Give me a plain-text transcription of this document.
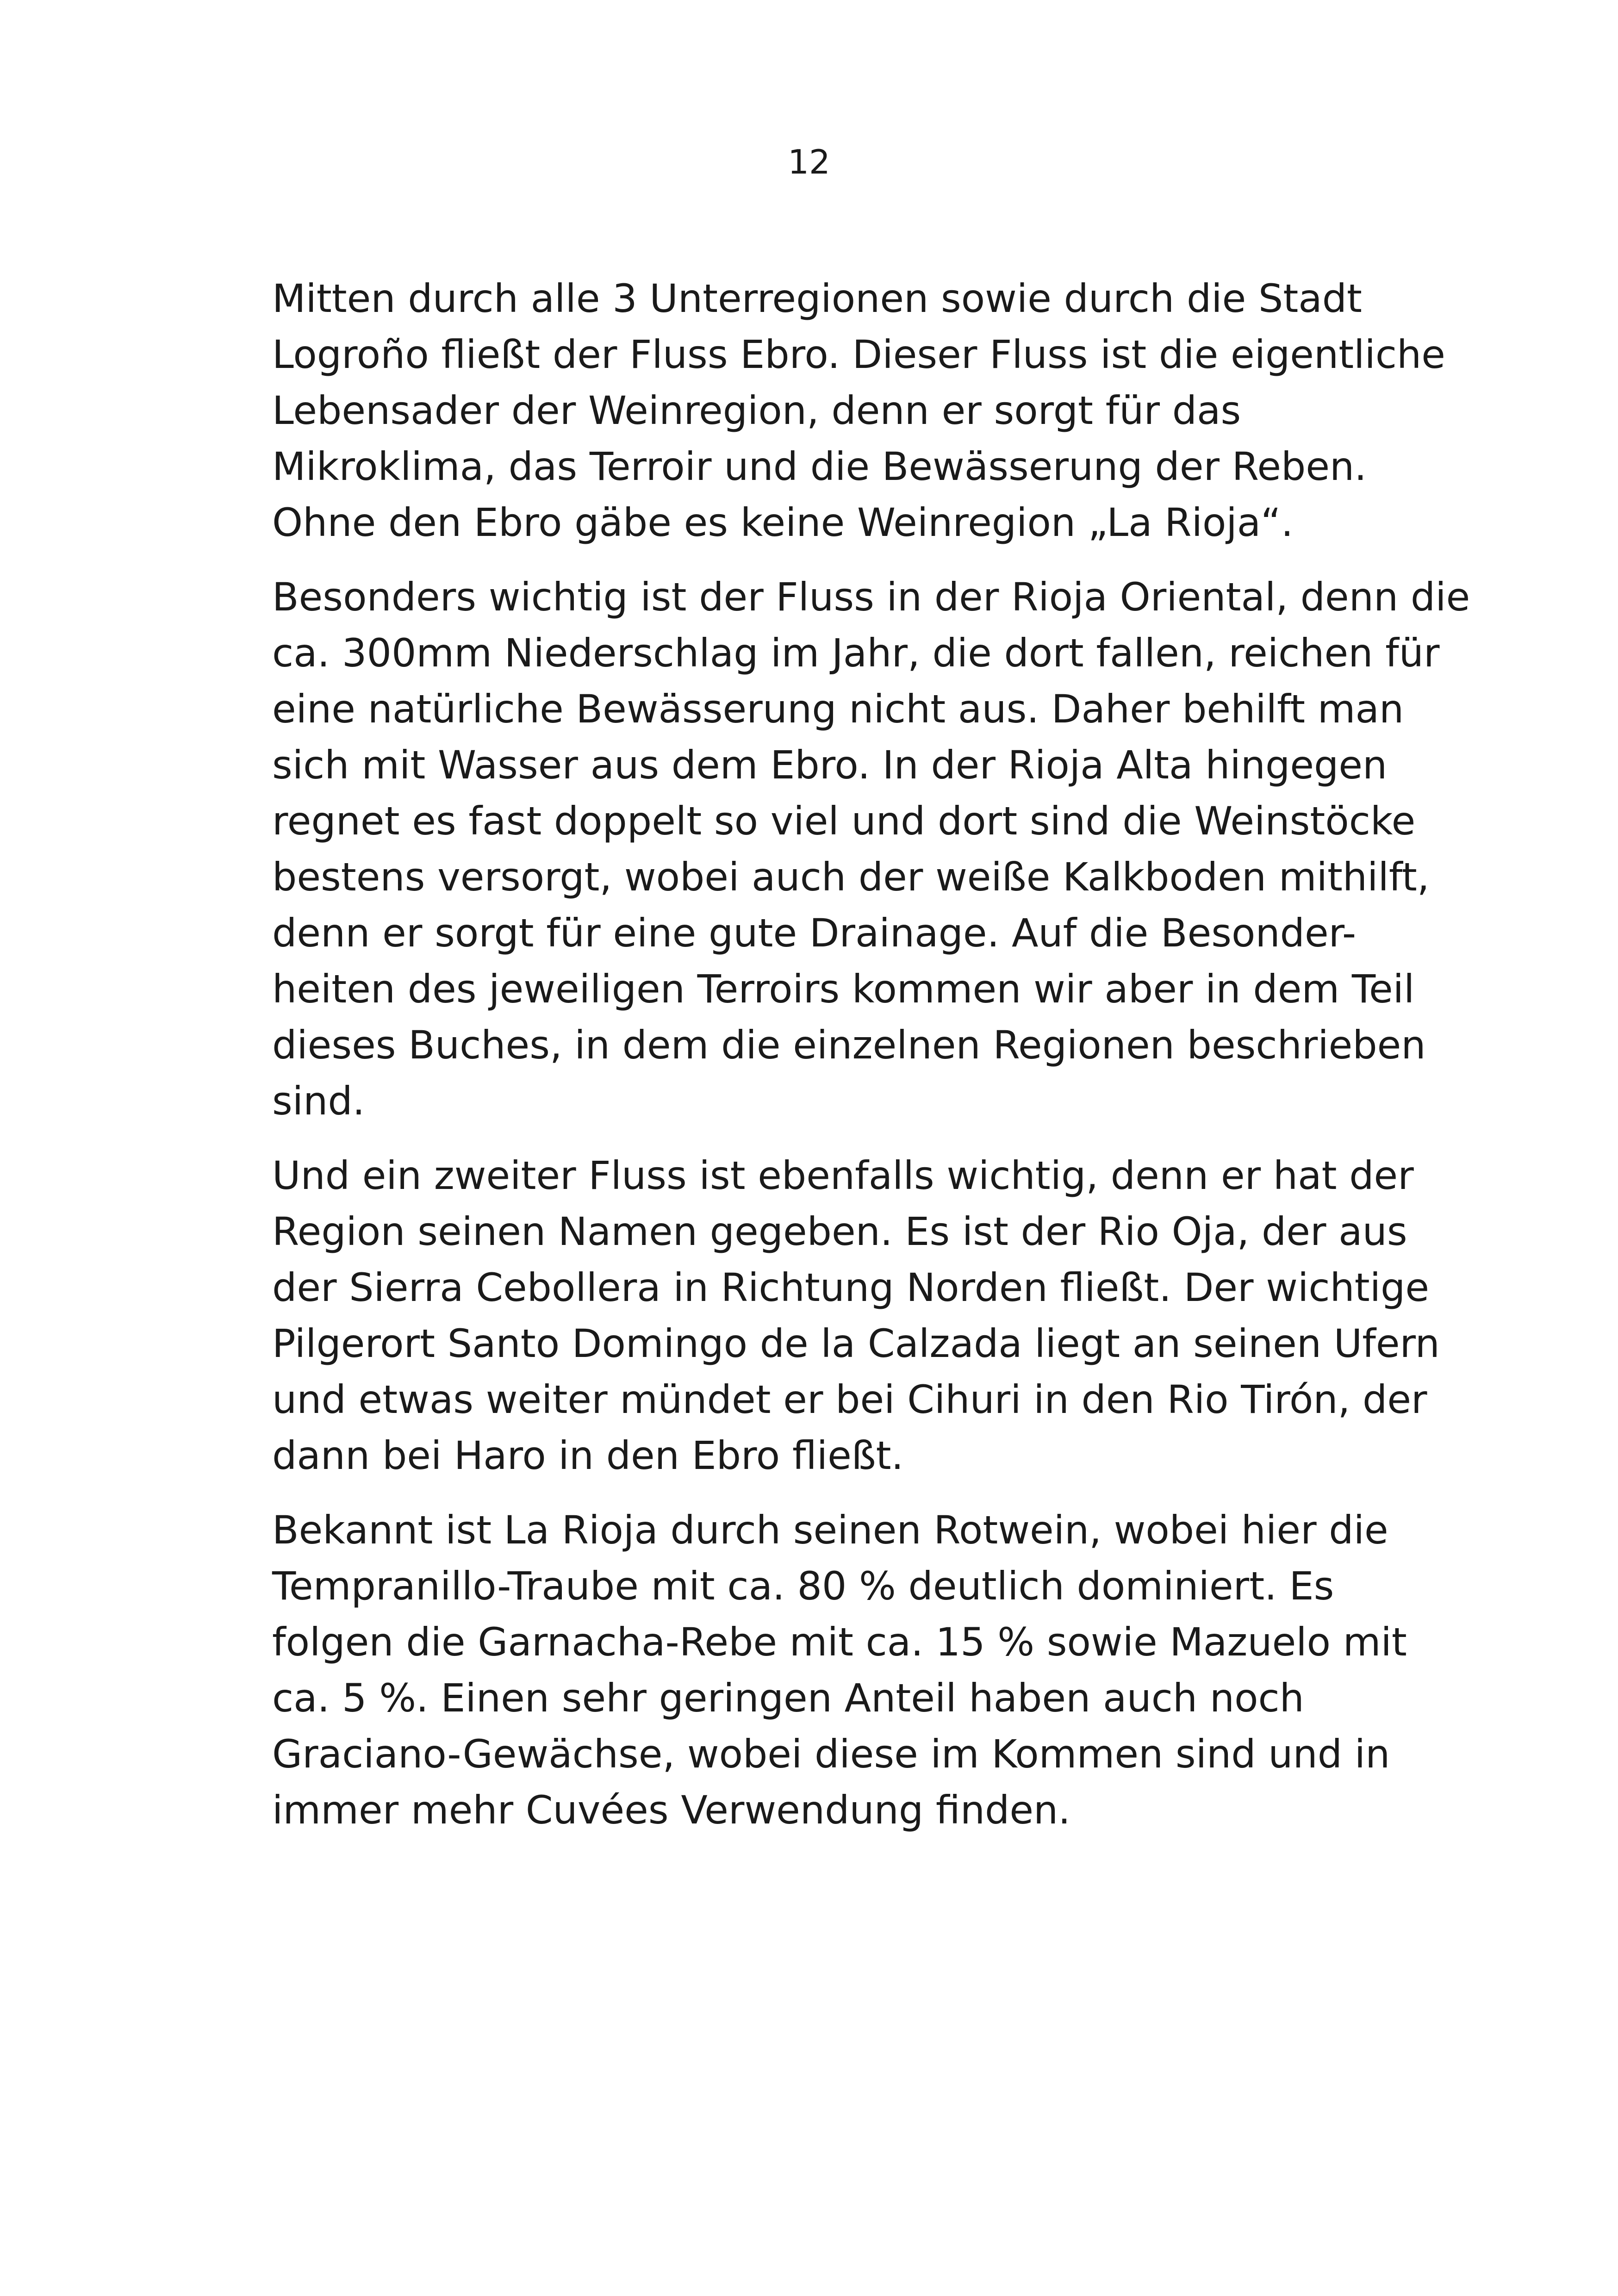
12
Mitten durch alle 3 Unterregionen sowie durch die Stadt
Logroño fließt der Fluss Ebro. Dieser Fluss ist die eigentliche
Lebensader der Weinregion, denn er sorgt für das
Mikroklima, das Terroir und die Bewässerung der Reben.
Ohne den Ebro gäbe es keine Weinregion „La Rioja“.
Besonders wichtig ist der Fluss in der Rioja Oriental, denn die
ca. 300mm Niederschlag im Jahr, die dort fallen, reichen für
eine natürliche Bewässerung nicht aus. Daher behilft man
sich mit Wasser aus dem Ebro. In der Rioja Alta hingegen
regnet es fast doppelt so viel und dort sind die Weinstöcke
bestens versorgt, wobei auch der weiße Kalkboden mithilft,
denn er sorgt für eine gute Drainage. Auf die Besonder-
heiten des jeweiligen Terroirs kommen wir aber in dem Teil
dieses Buches, in dem die einzelnen Regionen beschrieben
sind.
Und ein zweiter Fluss ist ebenfalls wichtig, denn er hat der
Region seinen Namen gegeben. Es ist der Rio Oja, der aus
der Sierra Cebollera in Richtung Norden fließt. Der wichtige
Pilgerort Santo Domingo de la Calzada liegt an seinen Ufern
und etwas weiter mündet er bei Cihuri in den Rio Tirón, der
dann bei Haro in den Ebro fließt.
Bekannt ist La Rioja durch seinen Rotwein, wobei hier die
Tempranillo-Traube mit ca. 80 % deutlich dominiert. Es
folgen die Garnacha-Rebe mit ca. 15 % sowie Mazuelo mit
ca. 5 %. Einen sehr geringen Anteil haben auch noch
Graciano-Gewächse, wobei diese im Kommen sind und in
immer mehr Cuvées Verwendung finden.
